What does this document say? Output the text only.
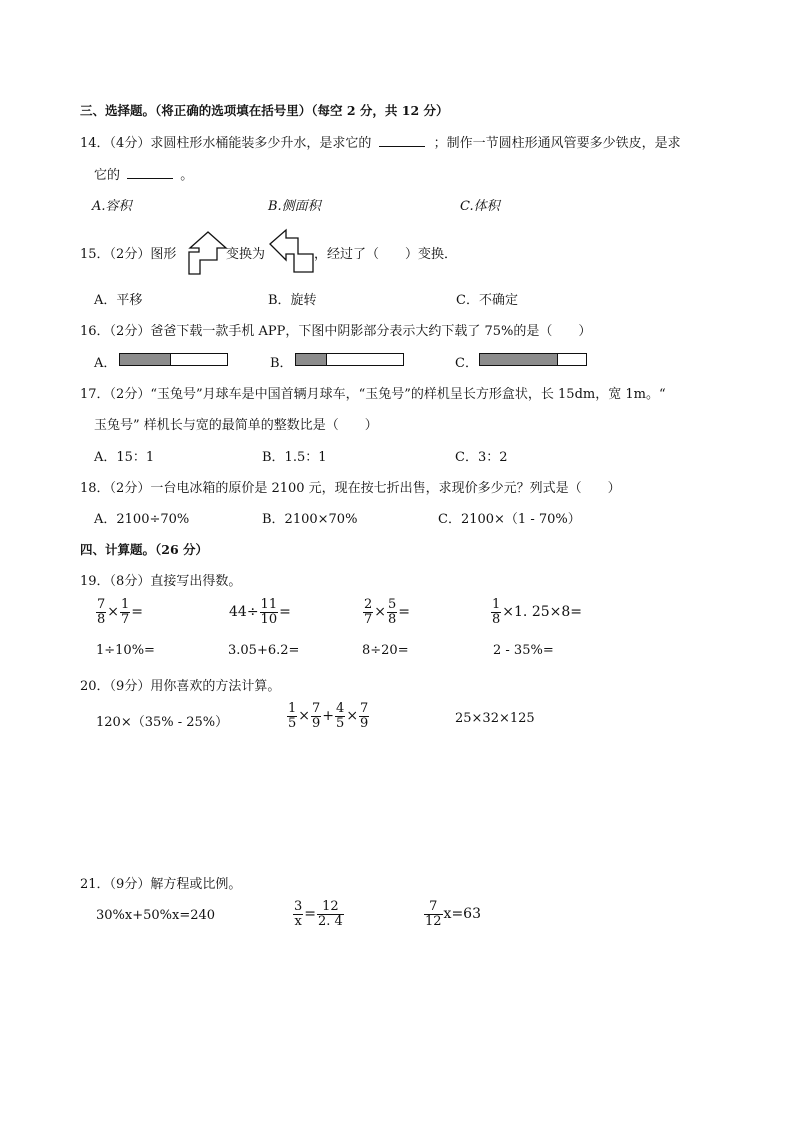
三、选择题。（将正确的选项填在括号里）（每空 2 分，共 12 分）
14．（4分）求圆柱形水桶能装多少升水，是求它的	；制作一节圆柱形通风管要多少铁皮，是求
它的	。
A.容积	B.侧面积	C.体积
15．（2分）图形	变换为	，经过了（　　）变换．
A．平移	B．旋转	C．不确定
16．（2分）爸爸下载一款手机 APP，下图中阴影部分表示大约下载了 75%的是（　　）
A．	B．	C．
17．（2分）“玉兔号”月球车是中国首辆月球车，“玉兔号”的样机呈长方形盒状，长 15dm，宽 1m。“
玉兔号” 样机长与宽的最简单的整数比是（　　）
A．15：1	B．1.5：1	C．3：2
18．（2分）一台电冰箱的原价是 2100 元，现在按七折出售，求现价多少元？列式是（　　）
A．2100÷70%	B．2100×70%	C．2100×（1 - 70%）
四、计算题。（26 分）
19．（8分）直接写出得数。
$\frac{7}{8} \times \frac{1}{7}$ =	$44\div \frac{11}{10}$ =	$\frac{2}{7} \times \frac{5}{8}$ =	$\frac{1}{8} \times 1$. 25×8=
1÷10%=	3.05+6.2=	8÷20=	2 - 35%=
20．（9分）用你喜欢的方法计算。
120×（35% - 25%）	$\frac{1}{5} \times \frac{7}{9} + \frac{4}{5} \times \frac{7}{9}$	25×32×125
21．（9分）解方程或比例。
30%x+50%x=240	$\frac{3}{x} = \frac{12}{2. 4}$	$\frac{7}{12} x=63$
